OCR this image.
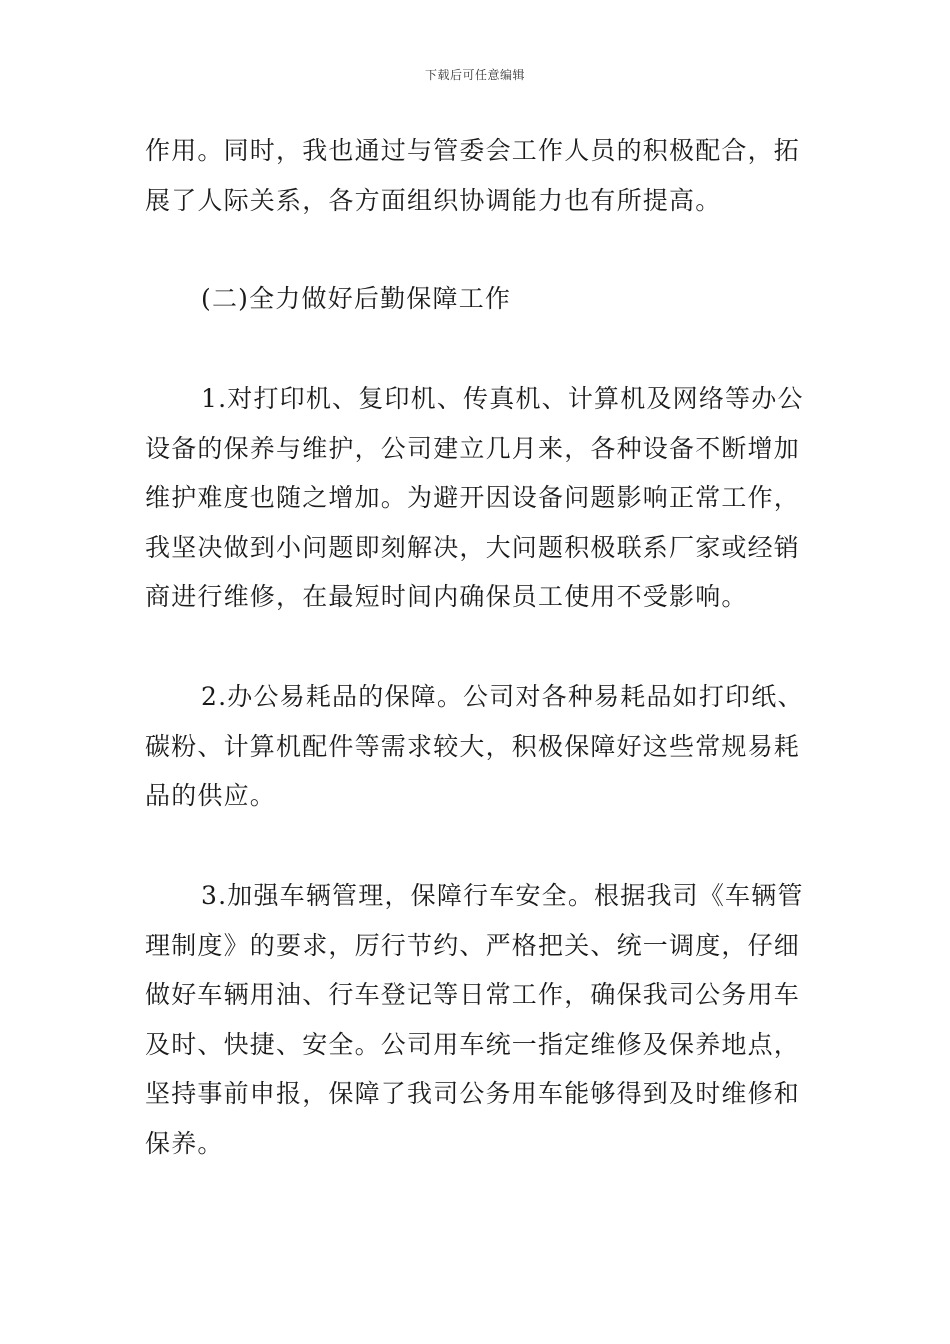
下载后可任意编辑
作用。同时，我也通过与管委会工作人员的积极配合，拓
展了人际关系，各方面组织协调能力也有所提高。
(二)全力做好后勤保障工作
1.对打印机、复印机、传真机、计算机及网络等办公
设备的保养与维护，公司建立几月来，各种设备不断增加
维护难度也随之增加。为避开因设备问题影响正常工作，
我坚决做到小问题即刻解决，大问题积极联系厂家或经销
商进行维修，在最短时间内确保员工使用不受影响。
2.办公易耗品的保障。公司对各种易耗品如打印纸、
碳粉、计算机配件等需求较大，积极保障好这些常规易耗
品的供应。
3.加强车辆管理，保障行车安全。根据我司《车辆管
理制度》的要求，厉行节约、严格把关、统一调度，仔细
做好车辆用油、行车登记等日常工作，确保我司公务用车
及时、快捷、安全。公司用车统一指定维修及保养地点，
坚持事前申报，保障了我司公务用车能够得到及时维修和
保养。
